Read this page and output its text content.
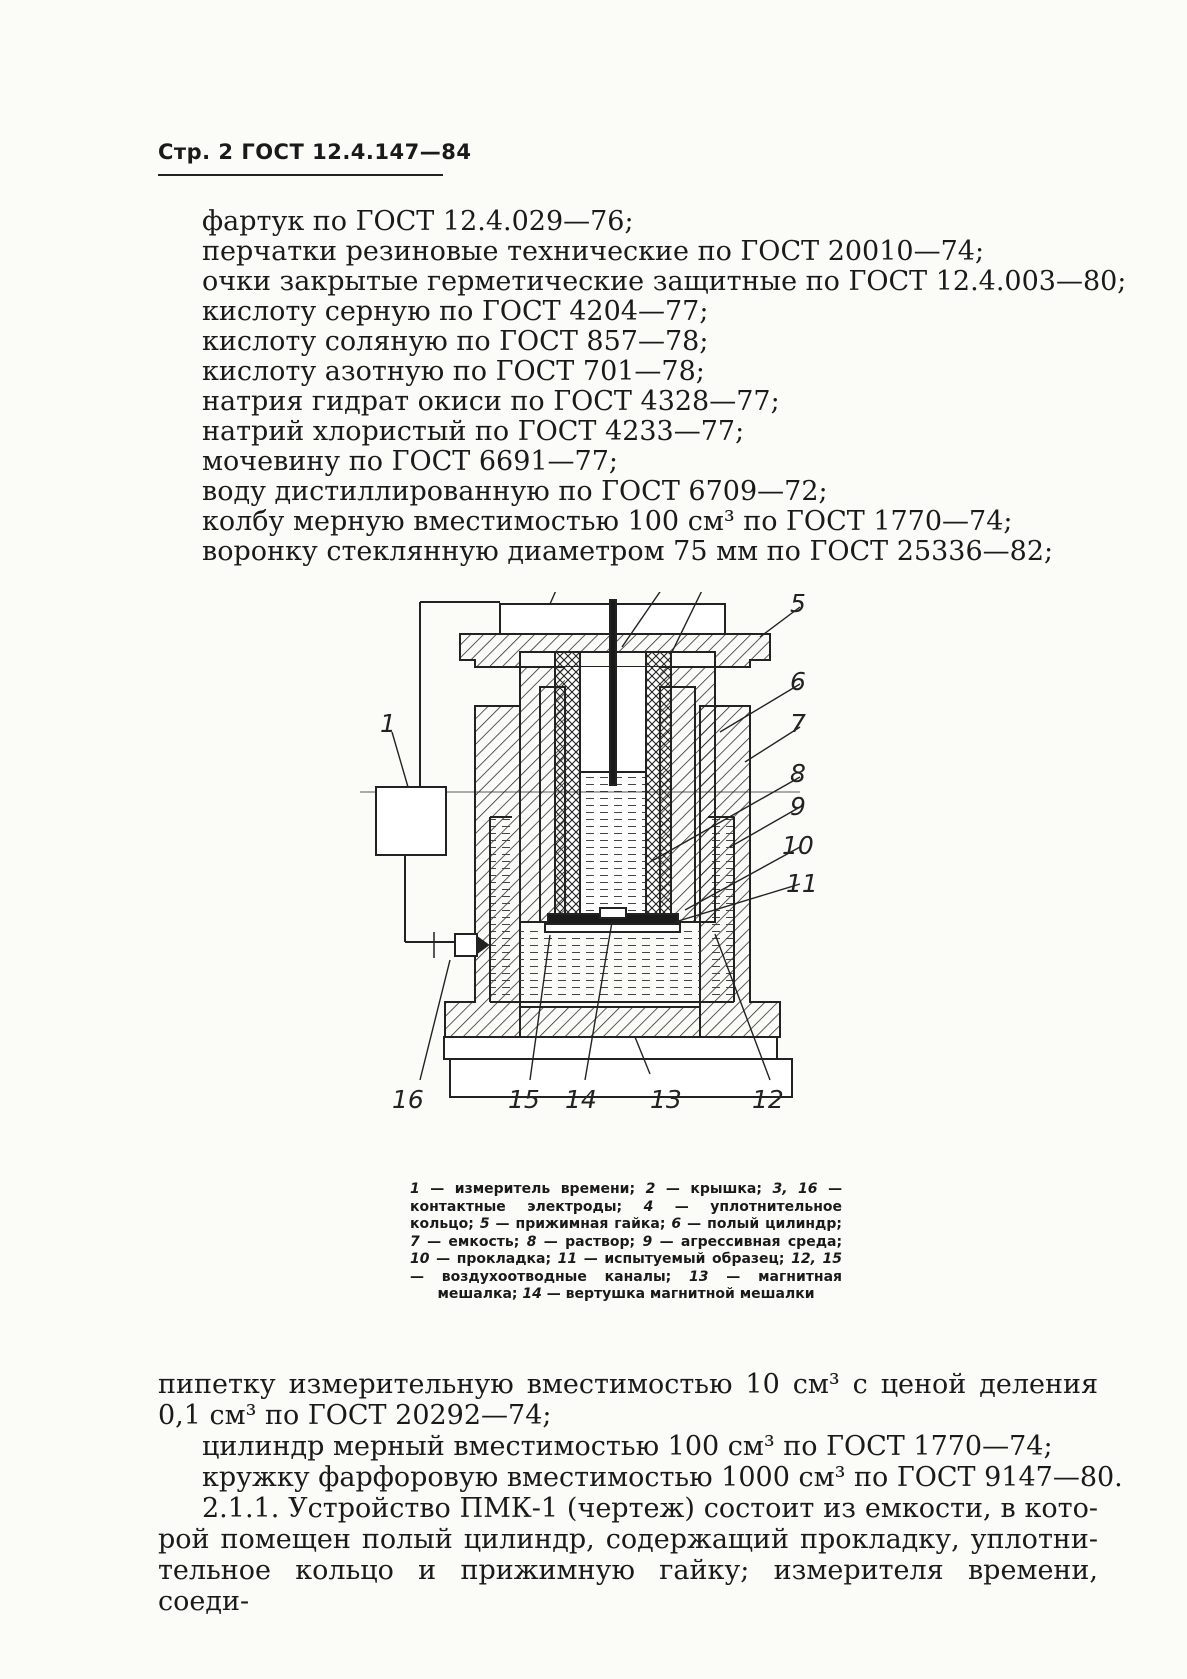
Стр. 2 ГОСТ 12.4.147—84
фартук по ГОСТ 12.4.029—76;
перчатки резиновые технические по ГОСТ 20010—74;
очки закрытые герметические защитные по ГОСТ 12.4.003—80;
кислоту серную по ГОСТ 4204—77;
кислоту соляную по ГОСТ 857—78;
кислоту азотную по ГОСТ 701—78;
натрия гидрат окиси по ГОСТ 4328—77;
натрий хлористый по ГОСТ 4233—77;
мочевину по ГОСТ 6691—77;
воду дистиллированную по ГОСТ 6709—72;
колбу мерную вместимостью 100 см³ по ГОСТ 1770—74;
воронку стеклянную диаметром 75 мм по ГОСТ 25336—82;
5
6
7
8
9
10
11
1
12
13
14
15
16
1 — измеритель времени; 2 — крышка; 3, 16 — контактные электроды; 4 — уплотнительное кольцо; 5 — прижимная гайка; 6 — полый цилиндр; 7 — емкость; 8 — раствор; 9 — агрессивная среда; 10 — прокладка; 11 — испытуемый образец; 12, 15 — воздухоотводные каналы; 13 — магнитная мешалка; 14 — вертушка магнитной мешалки
пипетку измерительную вместимостью 10 см³ с ценой деления
0,1 см³ по ГОСТ 20292—74;
цилиндр мерный вместимостью 100 см³ по ГОСТ 1770—74;
кружку фарфоровую вместимостью 1000 см³ по ГОСТ 9147—80.
2.1.1. Устройство ПМК-1 (чертеж) состоит из емкости, в кото-
рой помещен полый цилиндр, содержащий прокладку, уплотни-
тельное кольцо и прижимную гайку; измерителя времени, соеди-
